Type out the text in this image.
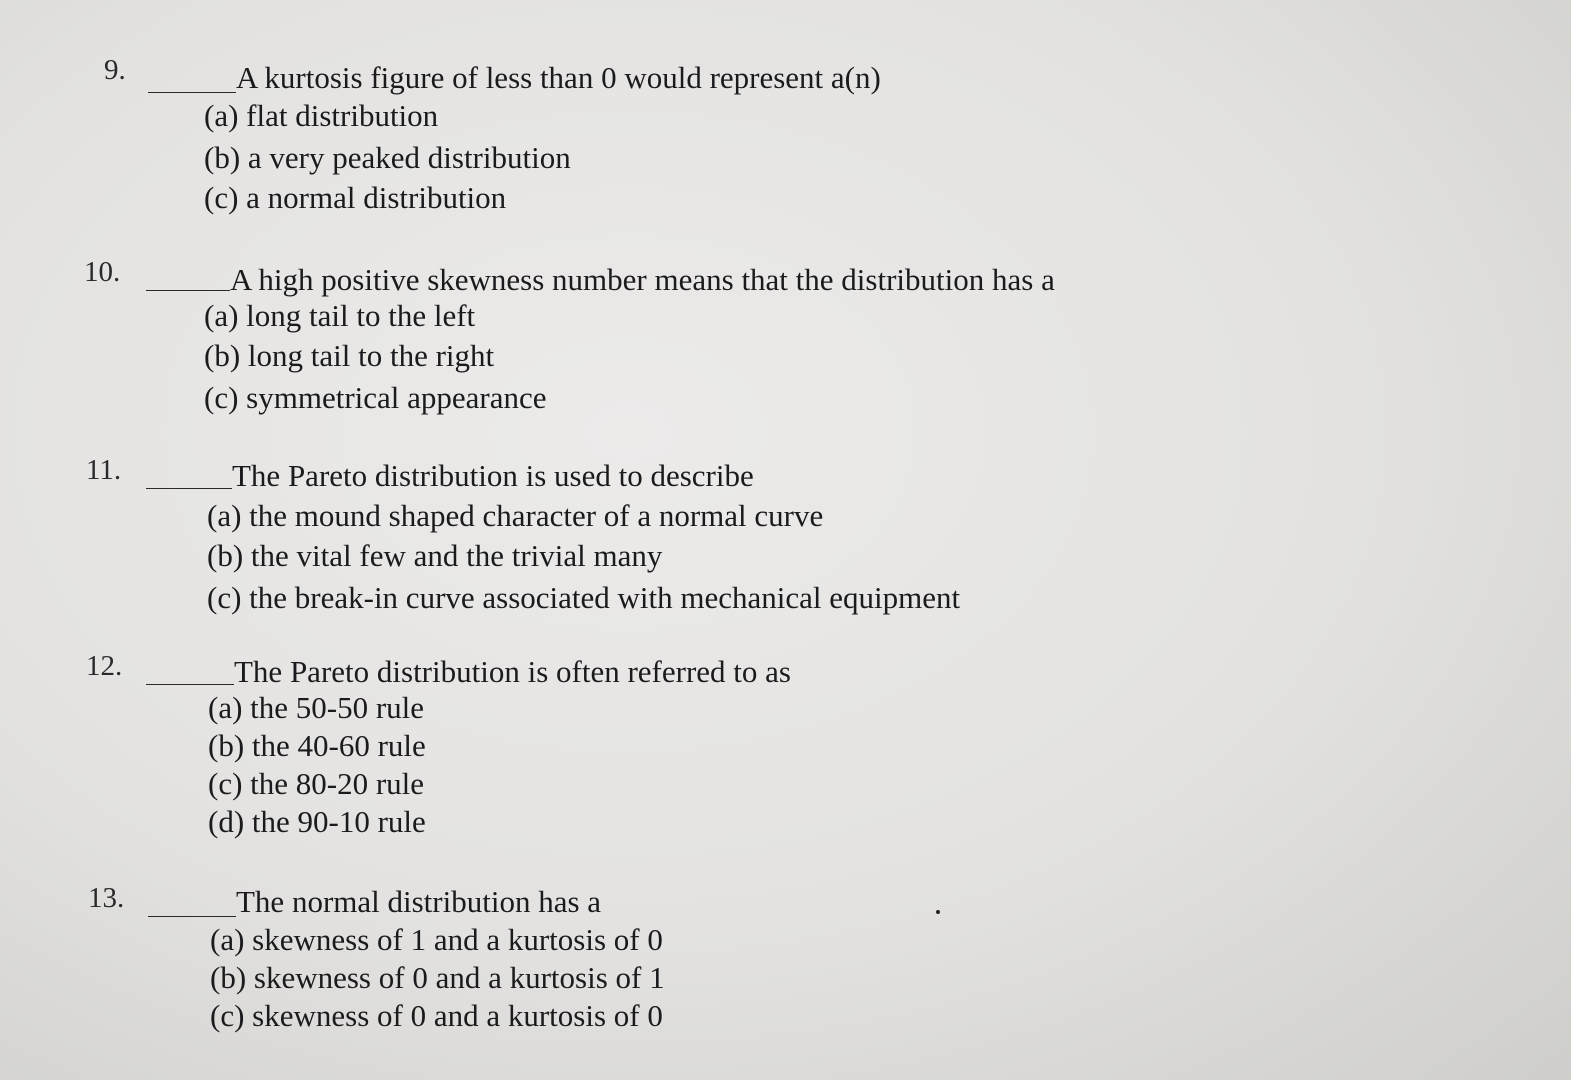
9.	A kurtosis figure of less than 0 would represent a(n)
(a) flat distribution
(b) a very peaked distribution
(c) a normal distribution
10.	A high positive skewness number means that the distribution has a
(a) long tail to the left
(b) long tail to the right
(c) symmetrical appearance
11.	The Pareto distribution is used to describe
(a) the mound shaped character of a normal curve
(b) the vital few and the trivial many
(c) the break-in curve associated with mechanical equipment
12.	The Pareto distribution is often referred to as
(a) the 50-50 rule
(b) the 40-60 rule
(c) the 80-20 rule
(d) the 90-10 rule
13.	The normal distribution has a
(a) skewness of 1 and a kurtosis of 0
(b) skewness of 0 and a kurtosis of 1
(c) skewness of 0 and a kurtosis of 0
